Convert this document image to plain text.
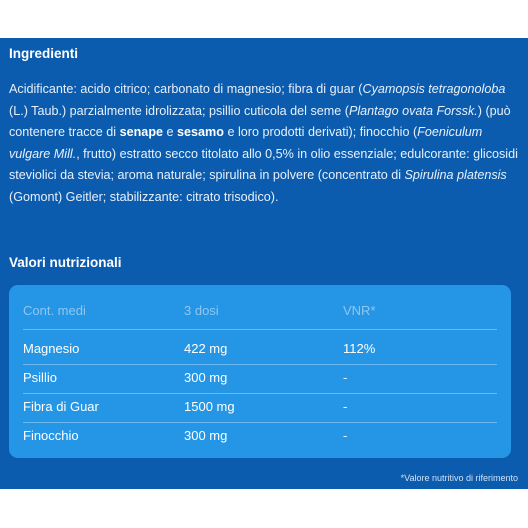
Ingredienti
Acidificante: acido citrico; carbonato di magnesio; fibra di guar (Cyamopsis tetragonoloba (L.) Taub.) parzialmente idrolizzata; psillio cuticola del seme (Plantago ovata Forssk.) (può contenere tracce di senape e sesamo e loro prodotti derivati); finocchio (Foeniculum vulgare Mill., frutto) estratto secco titolato allo 0,5% in olio essenziale; edulcorante: glicosidi steviolici da stevia; aroma naturale; spirulina in polvere (concentrato di Spirulina platensis (Gomont) Geitler; stabilizzante: citrato trisodico).
Valori nutrizionali
Cont. medi	3 dosi	VNR*
Magnesio	422 mg	112%
Psillio	300 mg	-
Fibra di Guar	1500 mg	-
Finocchio	300 mg	-
*Valore nutritivo di riferimento
